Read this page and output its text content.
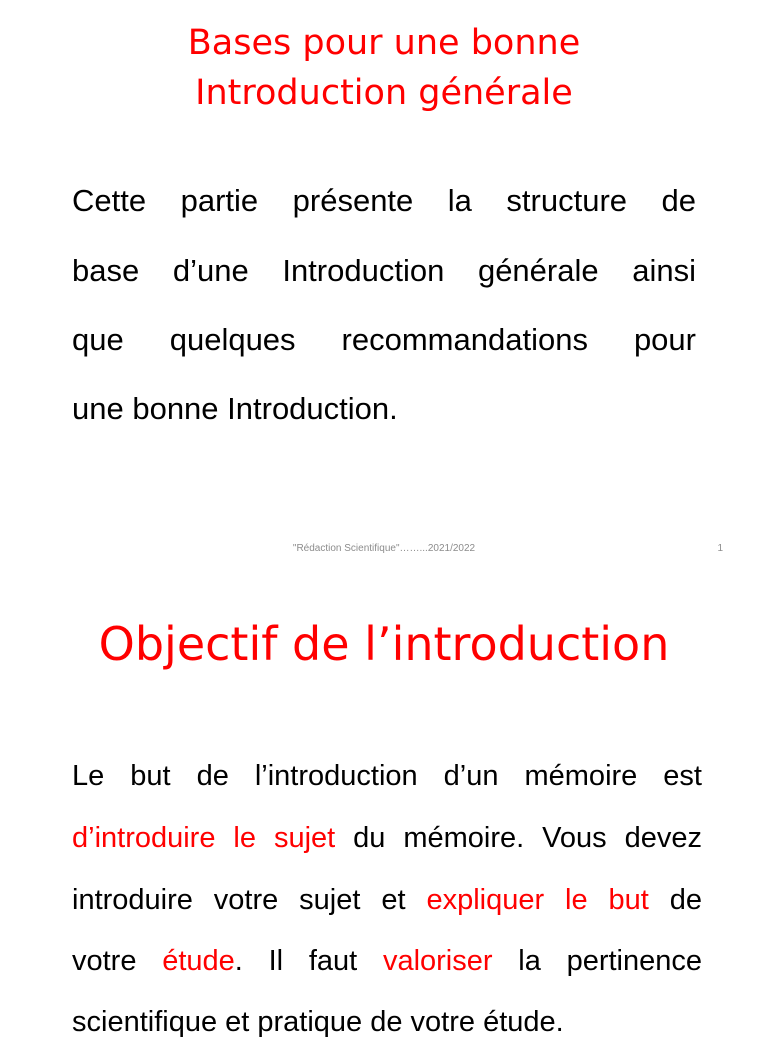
Bases pour une bonne
Introduction générale
Cette partie présente la structure de
base d’une Introduction générale ainsi
que quelques recommandations pour
une bonne Introduction.
"Rédaction Scientifique"……...2021/2022	1
Objectif de l’introduction
Le but de l’introduction d’un mémoire est
d’introduire le sujet du mémoire. Vous devez
introduire votre sujet et expliquer le but de
votre étude. Il faut valoriser la pertinence
scientifique et pratique de votre étude.
